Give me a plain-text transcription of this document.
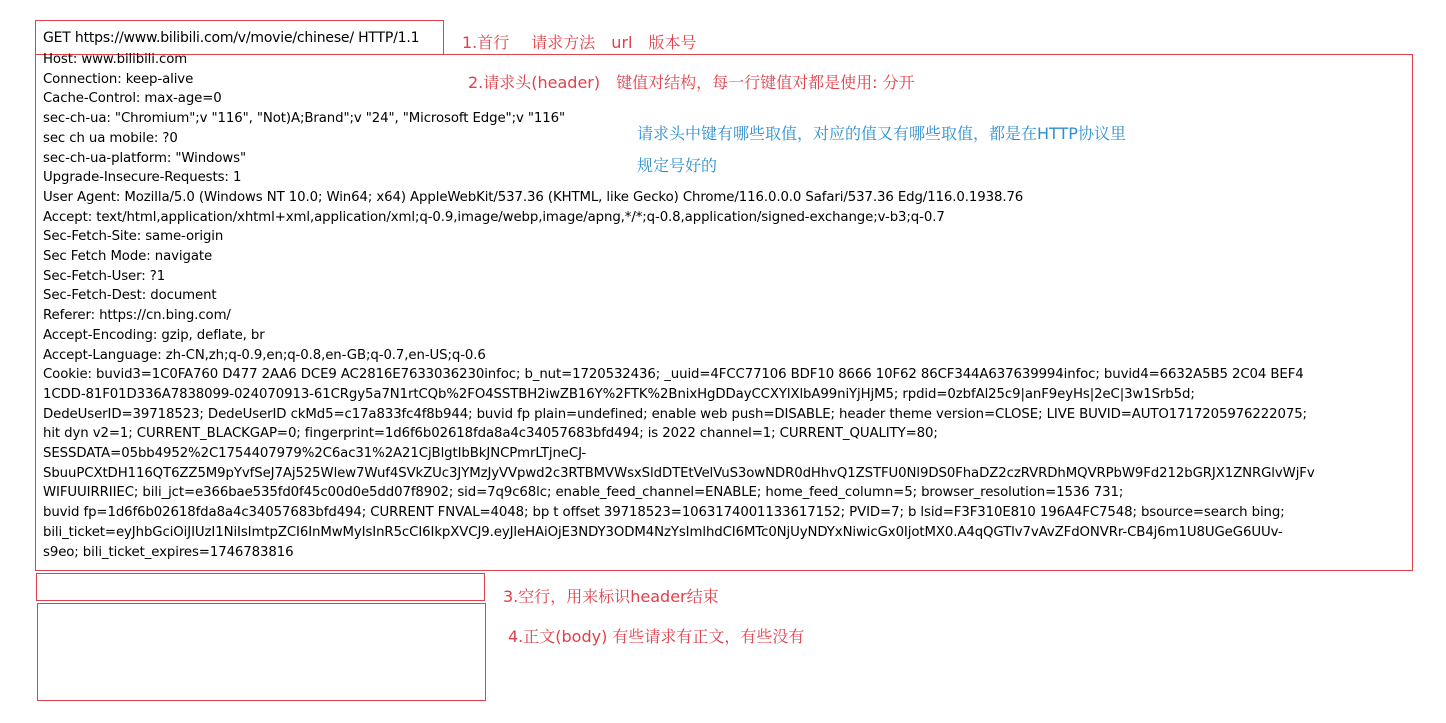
GET https://www.bilibili.com/v/movie/chinese/ HTTP/1.1	1.首行 请求方法 url 版本号
Host: www.bilibili.com
Connection: keep-alive
Cache-Control: max-age=0
sec-ch-ua: "Chromium";v "116", "Not)A;Brand";v "24", "Microsoft Edge";v "116"
sec ch ua mobile: ?0
sec-ch-ua-platform: "Windows"
Upgrade-Insecure-Requests: 1
User Agent: Mozilla/5.0 (Windows NT 10.0; Win64; x64) AppleWebKit/537.36 (KHTML, like Gecko) Chrome/116.0.0.0 Safari/537.36 Edg/116.0.1938.76
Accept: text/html,application/xhtml+xml,application/xml;q-0.9,image/webp,image/apng,*/*;q-0.8,application/signed-exchange;v-b3;q-0.7
Sec-Fetch-Site: same-origin
Sec Fetch Mode: navigate
Sec-Fetch-User: ?1
Sec-Fetch-Dest: document
Referer: https://cn.bing.com/
Accept-Encoding: gzip, deflate, br
Accept-Language: zh-CN,zh;q-0.9,en;q-0.8,en-GB;q-0.7,en-US;q-0.6
Cookie: buvid3=1C0FA760 D477 2AA6 DCE9 AC2816E7633036230infoc; b_nut=1720532436; _uuid=4FCC77106 BDF10 8666 10F62 86CF344A637639994infoc; buvid4=6632A5B5 2C04 BEF4
1CDD-81F01D336A7838099-024070913-61CRgy5a7N1rtCQb%2FO4SSTBH2iwZB16Y%2FTK%2BnixHgDDayCCXYlXlbA99niYjHjM5; rpdid=0zbfAl25c9|anF9eyHs|2eC|3w1Srb5d;
DedeUserID=39718523; DedeUserID ckMd5=c17a833fc4f8b944; buvid fp plain=undefined; enable web push=DISABLE; header theme version=CLOSE; LIVE BUVID=AUTO1717205976222075;
hit dyn v2=1; CURRENT_BLACKGAP=0; fingerprint=1d6f6b02618fda8a4c34057683bfd494; is 2022 channel=1; CURRENT_QUALITY=80;
SESSDATA=05bb4952%2C1754407979%2C6ac31%2A21CjBlgtIbBkJNCPmrLTjneCJ-
SbuuPCXtDH116QT6ZZ5M9pYvfSeJ7Aj525Wlew7Wuf4SVkZUc3JYMzJyVVpwd2c3RTBMVWsxSldDTEtVelVuS3owNDR0dHhvQ1ZSTFU0Nl9DS0FhaDZ2czRVRDhMQVRPbW9Fd212bGRJX1ZNRGlvWjFv
WIFUUIRRIIEC; bili_jct=e366bae535fd0f45c00d0e5dd07f8902; sid=7q9c68lc; enable_feed_channel=ENABLE; home_feed_column=5; browser_resolution=1536 731;
buvid fp=1d6f6b02618fda8a4c34057683bfd494; CURRENT FNVAL=4048; bp t offset 39718523=1063174001133617152; PVID=7; b lsid=F3F310E810 196A4FC7548; bsource=search bing;
bili_ticket=eyJhbGciOiJIUzI1NiIsImtpZCI6InMwMyIsInR5cCI6IkpXVCJ9.eyJleHAiOjE3NDY3ODM4NzYsImlhdCI6MTc0NjUyNDYxNiwicGx0IjotMX0.A4qQGTlv7vAvZFdONVRr-CB4j6m1U8UGeG6UUv-
s9eo; bili_ticket_expires=1746783816
2.请求头(header) 键值对结构，每一行键值对都是使用: 分开
请求头中键有哪些取值，对应的值又有哪些取值，都是在HTTP协议里
规定号好的
3.空行，用来标识header结束
4.正文(body) 有些请求有正文，有些没有
